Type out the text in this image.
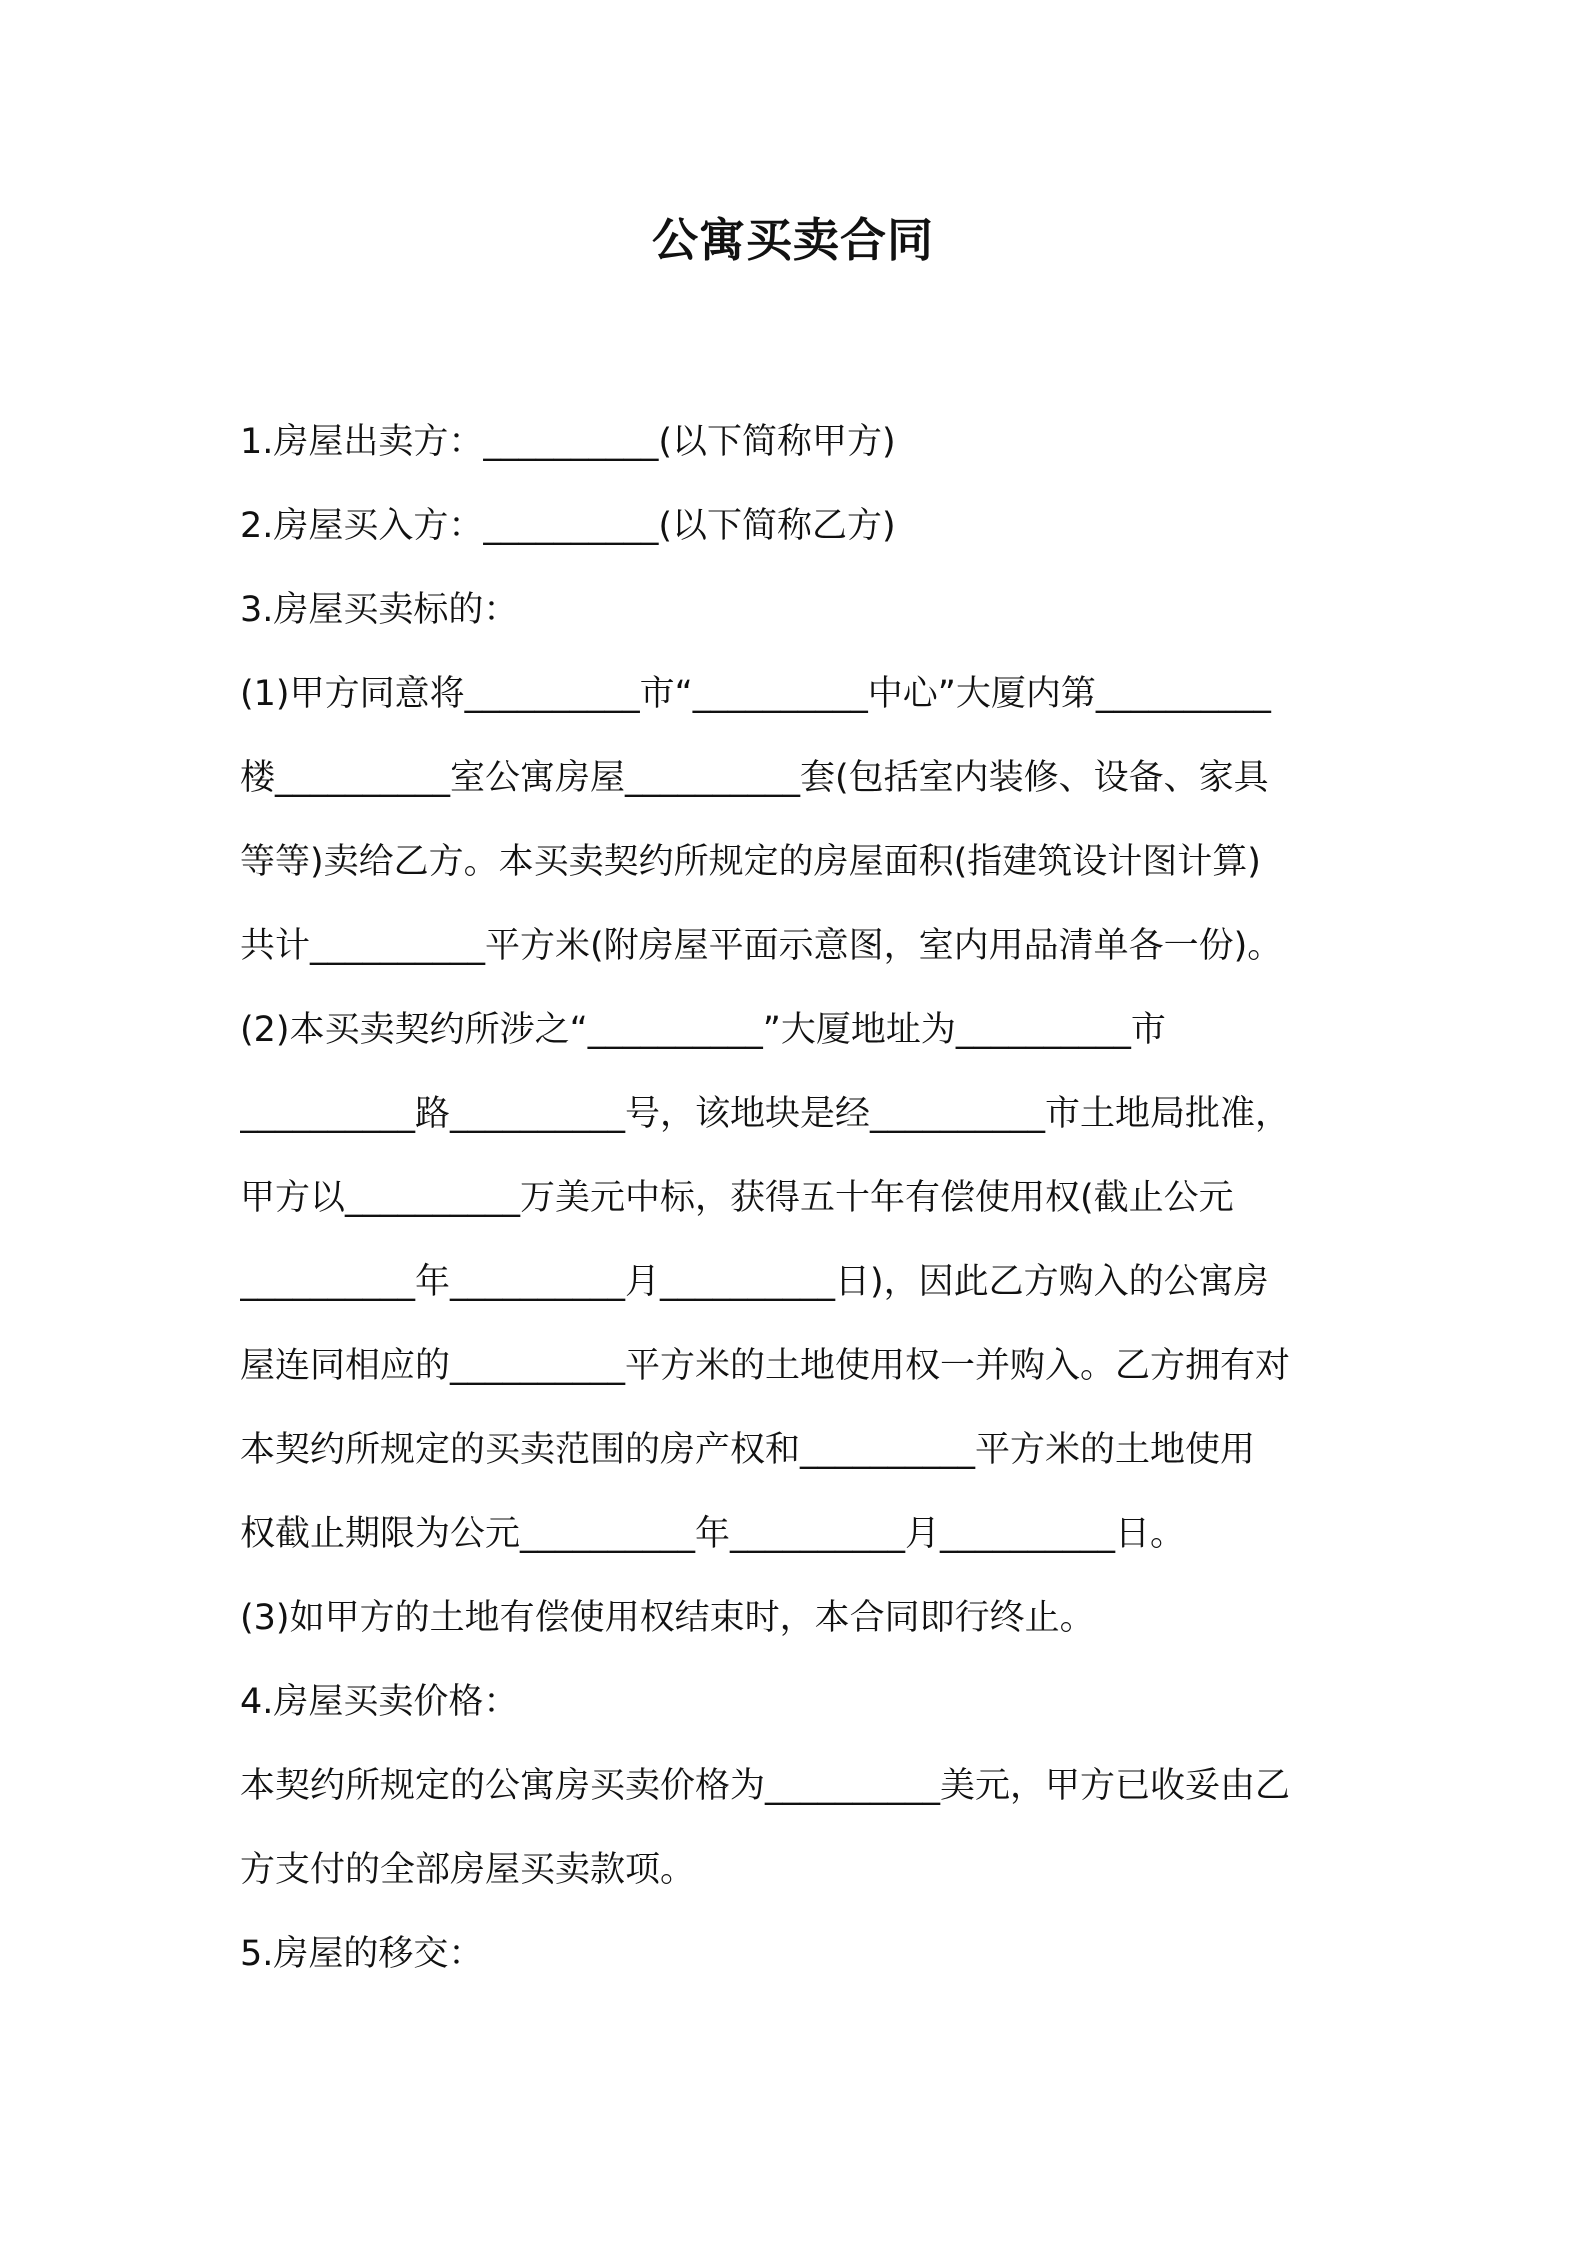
公寓买卖合同
1.房屋出卖方：__________(以下简称甲方)
2.房屋买入方：__________(以下简称乙方)
3.房屋买卖标的：
(1)甲方同意将__________市“__________中心”大厦内第__________
楼__________室公寓房屋__________套(包括室内装修、设备、家具
等等)卖给乙方。本买卖契约所规定的房屋面积(指建筑设计图计算)
共计__________平方米(附房屋平面示意图，室内用品清单各一份)。
(2)本买卖契约所涉之“__________”大厦地址为__________市
__________路__________号，该地块是经__________市土地局批准，
甲方以__________万美元中标，获得五十年有偿使用权(截止公元
__________年__________月__________日)，因此乙方购入的公寓房
屋连同相应的__________平方米的土地使用权一并购入。乙方拥有对
本契约所规定的买卖范围的房产权和__________平方米的土地使用
权截止期限为公元__________年__________月__________日。
(3)如甲方的土地有偿使用权结束时，本合同即行终止。
4.房屋买卖价格：
本契约所规定的公寓房买卖价格为__________美元，甲方已收妥由乙
方支付的全部房屋买卖款项。
5.房屋的移交：
